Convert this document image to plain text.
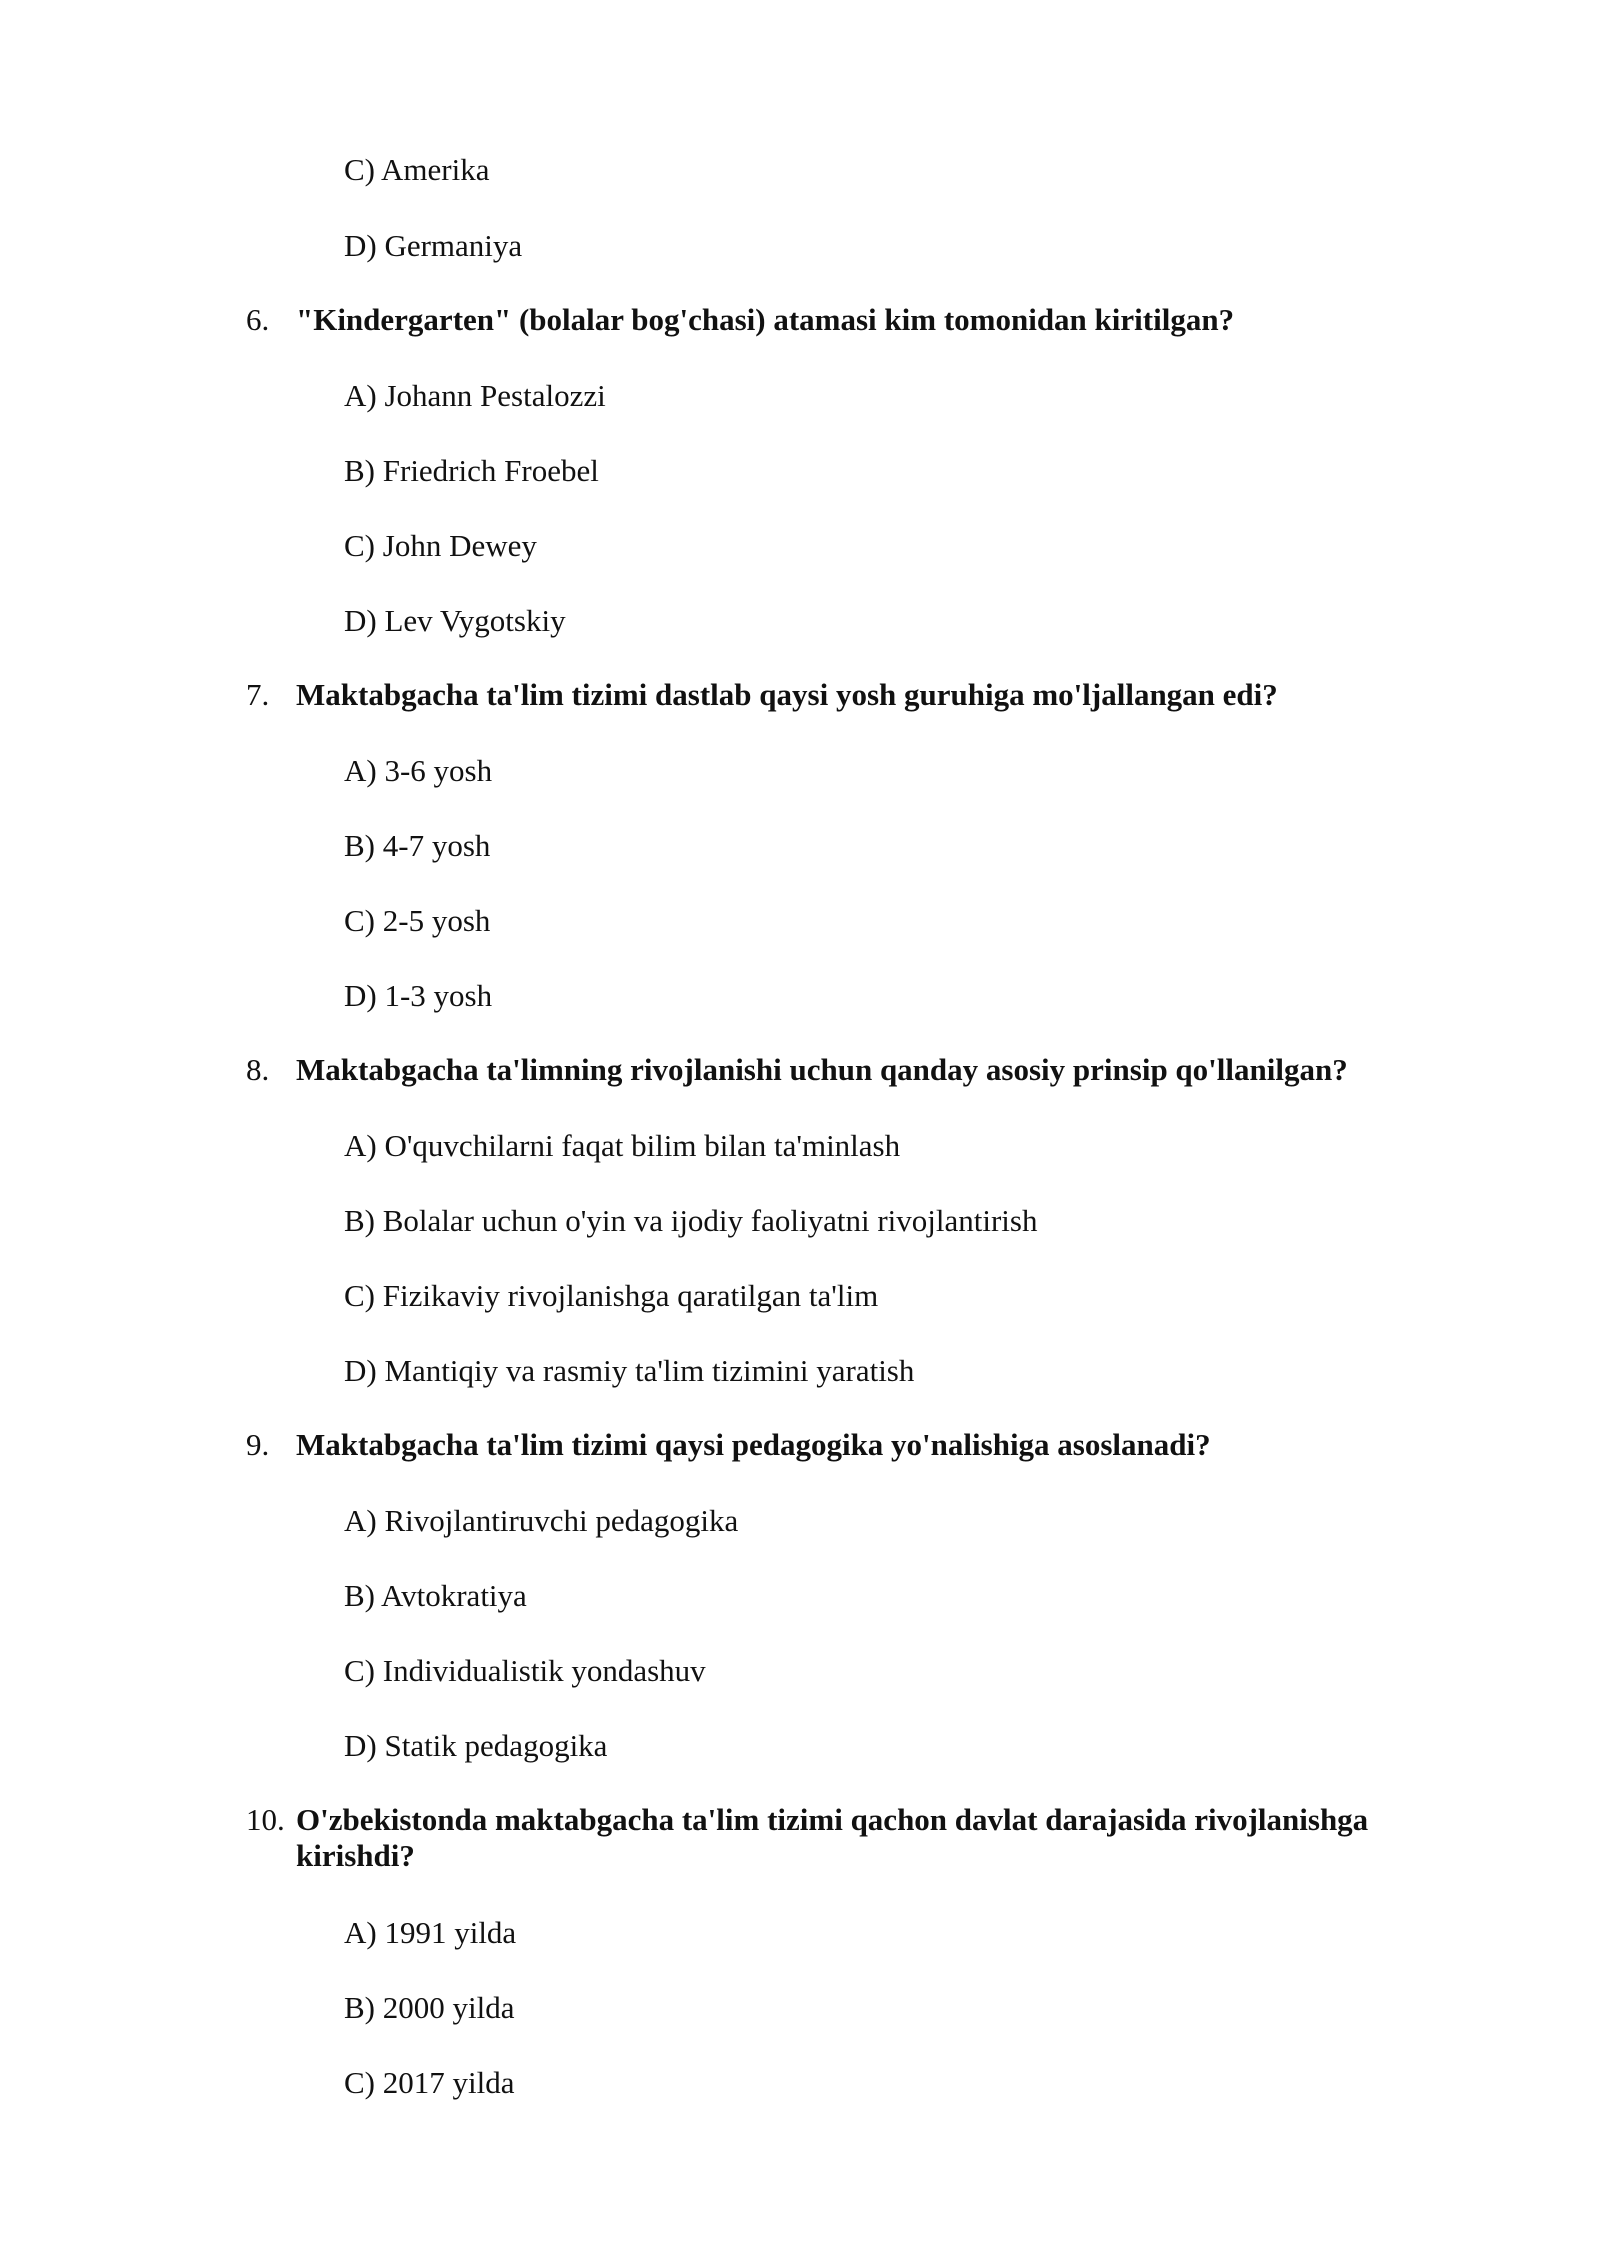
C) Amerika
D) Germaniya
6. "Kindergarten" (bolalar bog'chasi) atamasi kim tomonidan kiritilgan?
A) Johann Pestalozzi
B) Friedrich Froebel
C) John Dewey
D) Lev Vygotskiy
7. Maktabgacha ta'lim tizimi dastlab qaysi yosh guruhiga mo'ljallangan edi?
A) 3-6 yosh
B) 4-7 yosh
C) 2-5 yosh
D) 1-3 yosh
8. Maktabgacha ta'limning rivojlanishi uchun qanday asosiy prinsip qo'llanilgan?
A) O'quvchilarni faqat bilim bilan ta'minlash
B) Bolalar uchun o'yin va ijodiy faoliyatni rivojlantirish
C) Fizikaviy rivojlanishga qaratilgan ta'lim
D) Mantiqiy va rasmiy ta'lim tizimini yaratish
9. Maktabgacha ta'lim tizimi qaysi pedagogika yo'nalishiga asoslanadi?
A) Rivojlantiruvchi pedagogika
B) Avtokratiya
C) Individualistik yondashuv
D) Statik pedagogika
10. O'zbekistonda maktabgacha ta'lim tizimi qachon davlat darajasida rivojlanishga kirishdi?
A) 1991 yilda
B) 2000 yilda
C) 2017 yilda
